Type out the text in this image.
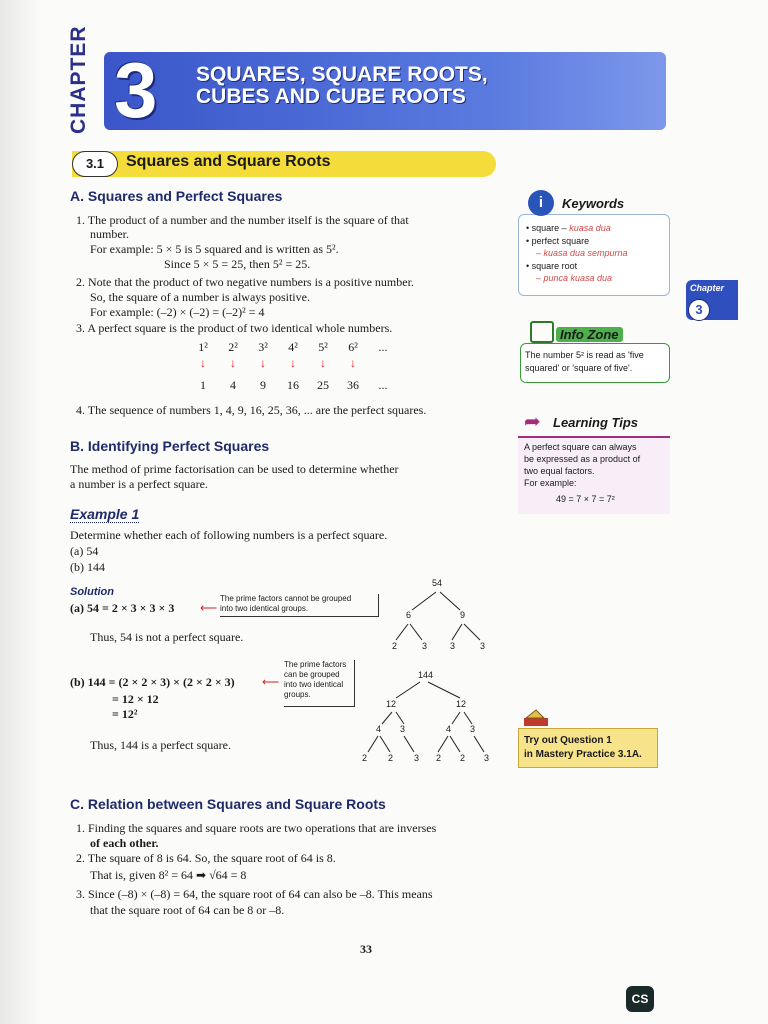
CHAPTER 3 SQUARES, SQUARE ROOTS,
CUBES AND CUBE ROOTS
3.1	Squares and Square Roots
A. Squares and Perfect Squares
1. The product of a number and the number itself is the square of that
number.
For example: 5 × 5 is 5 squared and is written as 5².
Since 5 × 5 = 25, then 5² = 25.
2. Note that the product of two negative numbers is a positive number.
So, the square of a number is always positive.
For example: (–2) × (–2) = (–2)² = 4
3. A perfect square is the product of two identical whole numbers.
1²	2²	3²	4²	5²	6²	...
↓	↓	↓	↓	↓	↓
1	4	9	16	25	36	...
4. The sequence of numbers 1, 4, 9, 16, 25, 36, ... are the perfect squares.
B. Identifying Perfect Squares
The method of prime factorisation can be used to determine whether
a number is a perfect square.
Example 1
Determine whether each of following numbers is a perfect square.
(a) 54
(b) 144
Solution
(a) 54 = 2 × 3 × 3 × 3 ⟵
The prime factors cannot be grouped
into two identical groups.
Thus, 54 is not a perfect square.
54
6	9
2	3	3	3
(b) 144 = (2 × 2 × 3) × (2 × 2 × 3) ⟵
The prime factors
can be grouped
into two identical
groups.
= 12 × 12
= 12²
Thus, 144 is a perfect square.
144
12	12
4 3	4 3
2 2 3 2 2 3
C. Relation between Squares and Square Roots
1. Finding the squares and square roots are two operations that are inverses
of each other.
2. The square of 8 is 64. So, the square root of 64 is 8.
That is, given 8² = 64 ➡ √64 = 8
3. Since (–8) × (–8) = 64, the square root of 64 can also be –8. This means
that the square root of 64 can be 8 or –8.
i	Keywords
• square – kuasa dua
• perfect square
– kuasa dua sempurna
• square root
– punca kuasa dua
Chapter
3
Info Zone
The number 5² is read as 'five
squared' or 'square of five'.
➦ Learning Tips
A perfect square can always
be expressed as a product of
two equal factors.
For example:
49 = 7 × 7 = 7²
Try out Question 1
in Mastery Practice 3.1A.
33
CS
